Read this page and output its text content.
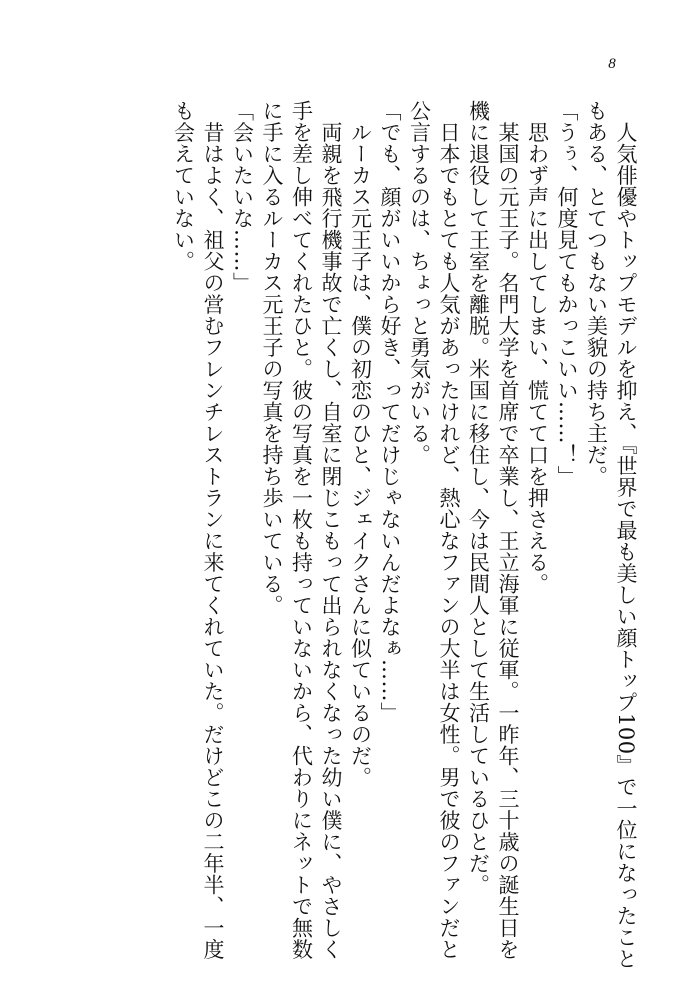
8

　人気俳優やトップモデルを抑え、『世界で最も美しい顔トップ100』で一位になったこと
もある、とてつもない美貌の持ち主だ。

「うぅ、何度見てもかっこいい……！」

　思わず声に出してしまい、慌てて口を押さえる。

　某国の元王子。名門大学を首席で卒業し、王立海軍に従軍。一昨年、三十歳の誕生日を
機に退役して王室を離脱。米国に移住し、今は民間人として生活しているひとだ。

　日本でもとても人気があったけれど、熱心なファンの大半は女性。男で彼のファンだと
公言するのは、ちょっと勇気がいる。

「でも、顔がいいから好き、ってだけじゃないんだよなぁ……」

　ルーカス元王子は、僕の初恋のひと、ジェイクさんに似ているのだ。

　両親を飛行機事故で亡くし、自室に閉じこもって出られなくなった幼い僕に、やさしく
手を差し伸べてくれたひと。彼の写真を一枚も持っていないから、代わりにネットで無数
に手に入るルーカス元王子の写真を持ち歩いている。

「会いたいな……」

　昔はよく、祖父の営むフレンチレストランに来てくれていた。だけどこの二年半、一度
も会えていない。
